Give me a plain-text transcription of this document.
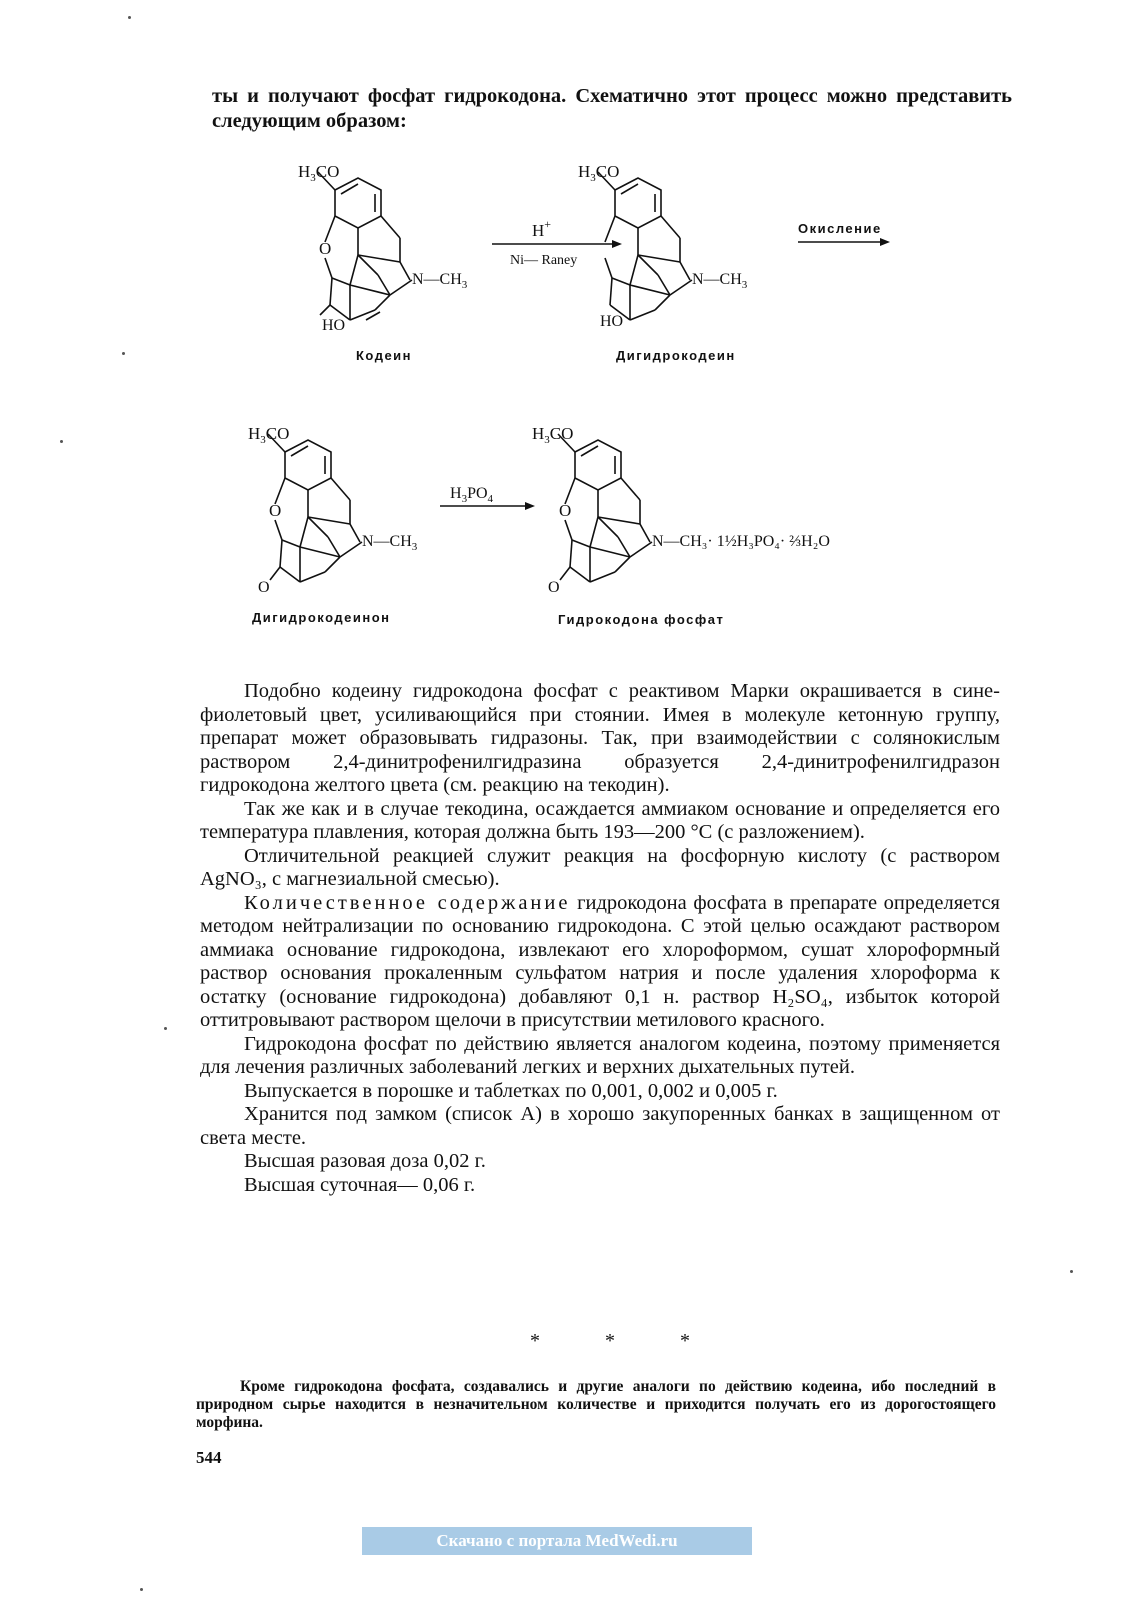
ты и получают фосфат гидрокодона. Схематично этот процесс можно представить следующим образом:
$H_3CO$
O
$N—CH_3$
HO
Кодеин
H+
Ni— Raney
$H_3CO$
$N—CH_3$
HO
Дигидрокодеин
Окисление
$H_3CO$
O
$N—CH_3$
O
Дигидрокодеинон
$H_3PO_4$
$H_3CO$
O
N—CH₃· 1½H₃PO₄· ⅔H₂O
O
Гидрокодона фосфат

Подобно кодеину гидрокодона фосфат с реактивом Марки окрашивается в сине-фиолетовый цвет, усиливающийся при стоянии. Имея в молекуле кетонную группу, препарат может образовывать гидразоны. Так, при взаимодействии с солянокислым раствором 2,4-динитрофенилгидразина образуется 2,4-динитрофенилгидразон гидрокодона желтого цвета (см. реакцию на текодин).

Так же как и в случае текодина, осаждается аммиаком основание и определяется его температура плавления, которая должна быть 193—200 °С (с разложением).

Отличительной реакцией служит реакция на фосфорную кислоту (с раствором AgNO₃, с магнезиальной смесью).

Количественное содержание гидрокодона фосфата в препарате определяется методом нейтрализации по основанию гидрокодона. С этой целью осаждают раствором аммиака основание гидрокодона, извлекают его хлороформом, сушат хлороформный раствор основания прокаленным сульфатом натрия и после удаления хлороформа к остатку (основание гидрокодона) добавляют 0,1 н. раствор H₂SO₄, избыток которой оттитровывают раствором щелочи в присутствии метилового красного.

Гидрокодона фосфат по действию является аналогом кодеина, поэтому применяется для лечения различных заболеваний легких и верхних дыхательных путей.

Выпускается в порошке и таблетках по 0,001, 0,002 и 0,005 г.

Хранится под замком (список А) в хорошо закупоренных банках в защищенном от света месте.

Высшая разовая доза 0,02 г.

Высшая суточная— 0,06 г.

* * *
Кроме гидрокодона фосфата, создавались и другие аналоги по действию кодеина, ибо последний в природном сырье находится в незначительном количестве и приходится получать его из дорогостоящего морфина.
544
Скачано с портала MedWedi.ru
